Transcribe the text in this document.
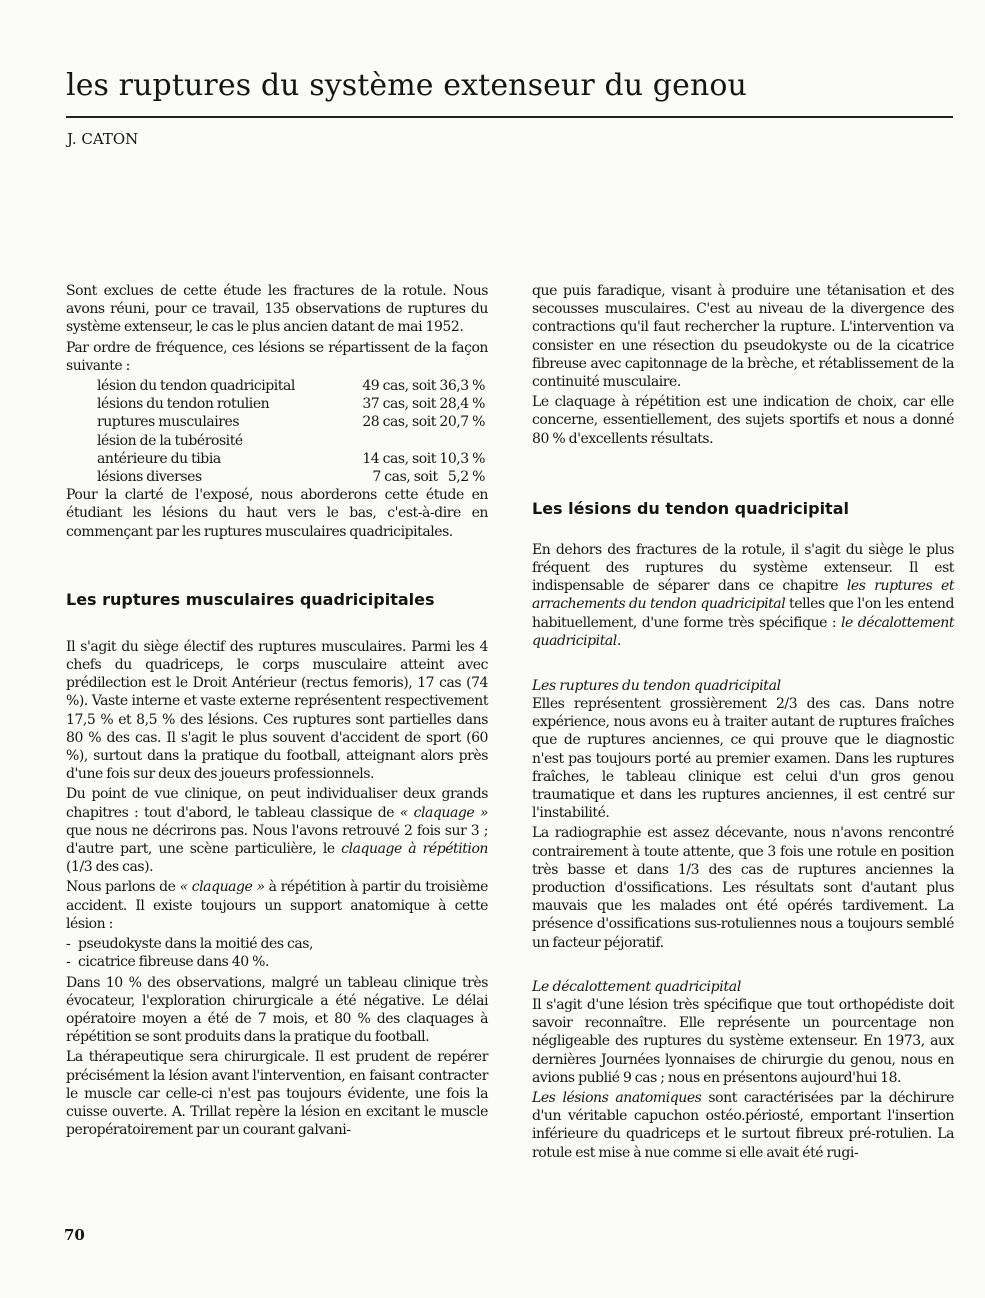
les ruptures du système extenseur du genou
J. CATON

Sont exclues de cette étude les fractures de la rotule. Nous avons réuni, pour ce travail, 135 observations de ruptures du système extenseur, le cas le plus ancien datant de mai 1952.

Par ordre de fréquence, ces lésions se répartissent de la façon suivante :

lésion du tendon quadricipital	49 cas, soit 36,3 %
lésions du tendon rotulien	37 cas, soit 28,4 %
ruptures musculaires	28 cas, soit 20,7 %
lésion de la tubérosité
antérieure du tibia	14 cas, soit 10,3 %
lésions diverses	7 cas, soit   5,2 %

Pour la clarté de l'exposé, nous aborderons cette étude en étudiant les lésions du haut vers le bas, c'est-à-dire en commençant par les ruptures musculaires quadricipitales.

Les ruptures musculaires quadricipitales

Il s'agit du siège électif des ruptures musculaires. Parmi les 4 chefs du quadriceps, le corps musculaire atteint avec prédilection est le Droit Antérieur (rectus femoris), 17 cas (74 %). Vaste interne et vaste externe représentent respectivement 17,5 % et 8,5 % des lésions. Ces ruptures sont partielles dans 80 % des cas. Il s'agit le plus souvent d'accident de sport (60 %), surtout dans la pratique du football, atteignant alors près d'une fois sur deux des joueurs professionnels.

Du point de vue clinique, on peut individualiser deux grands chapitres : tout d'abord, le tableau classique de « claquage » que nous ne décrirons pas. Nous l'avons retrouvé 2 fois sur 3 ; d'autre part, une scène particulière, le claquage à répétition (1/3 des cas).

Nous parlons de « claquage » à répétition à partir du troisième accident. Il existe toujours un support anatomique à cette lésion :

- pseudokyste dans la moitié des cas,
- cicatrice fibreuse dans 40 %.

Dans 10 % des observations, malgré un tableau clinique très évocateur, l'exploration chirurgicale a été négative. Le délai opératoire moyen a été de 7 mois, et 80 % des claquages à répétition se sont produits dans la pratique du football.

La thérapeutique sera chirurgicale. Il est prudent de repérer précisément la lésion avant l'intervention, en faisant contracter le muscle car celle-ci n'est pas toujours évidente, une fois la cuisse ouverte. A. Trillat repère la lésion en excitant le muscle peropératoirement par un courant galvani-

que puis faradique, visant à produire une tétanisation et des secousses musculaires. C'est au niveau de la divergence des contractions qu'il faut rechercher la rupture. L'intervention va consister en une résection du pseudokyste ou de la cicatrice fibreuse avec capitonnage de la brèche, et rétablissement de la continuité musculaire.

Le claquage à répétition est une indication de choix, car elle concerne, essentiellement, des sujets sportifs et nous a donné 80 % d'excellents résultats.

Les lésions du tendon quadricipital

En dehors des fractures de la rotule, il s'agit du siège le plus fréquent des ruptures du système extenseur. Il est indispensable de séparer dans ce chapitre les ruptures et arrachements du tendon quadricipital telles que l'on les entend habituellement, d'une forme très spécifique : le décalottement quadricipital.

Les ruptures du tendon quadricipital

Elles représentent grossièrement 2/3 des cas. Dans notre expérience, nous avons eu à traiter autant de ruptures fraîches que de ruptures anciennes, ce qui prouve que le diagnostic n'est pas toujours porté au premier examen. Dans les ruptures fraîches, le tableau clinique est celui d'un gros genou traumatique et dans les ruptures anciennes, il est centré sur l'instabilité.

La radiographie est assez décevante, nous n'avons rencontré contrairement à toute attente, que 3 fois une rotule en position très basse et dans 1/3 des cas de ruptures anciennes la production d'ossifications. Les résultats sont d'autant plus mauvais que les malades ont été opérés tardivement. La présence d'ossifications sus-rotuliennes nous a toujours semblé un facteur péjoratif.

Le décalottement quadricipital

Il s'agit d'une lésion très spécifique que tout orthopédiste doit savoir reconnaître. Elle représente un pourcentage non négligeable des ruptures du système extenseur. En 1973, aux dernières Journées lyonnaises de chirurgie du genou, nous en avions publié 9 cas ; nous en présentons aujourd'hui 18.

Les lésions anatomiques sont caractérisées par la déchirure d'un véritable capuchon ostéo.périosté, emportant l'insertion inférieure du quadriceps et le surtout fibreux pré-rotulien. La rotule est mise à nue comme si elle avait été rugi-

70
